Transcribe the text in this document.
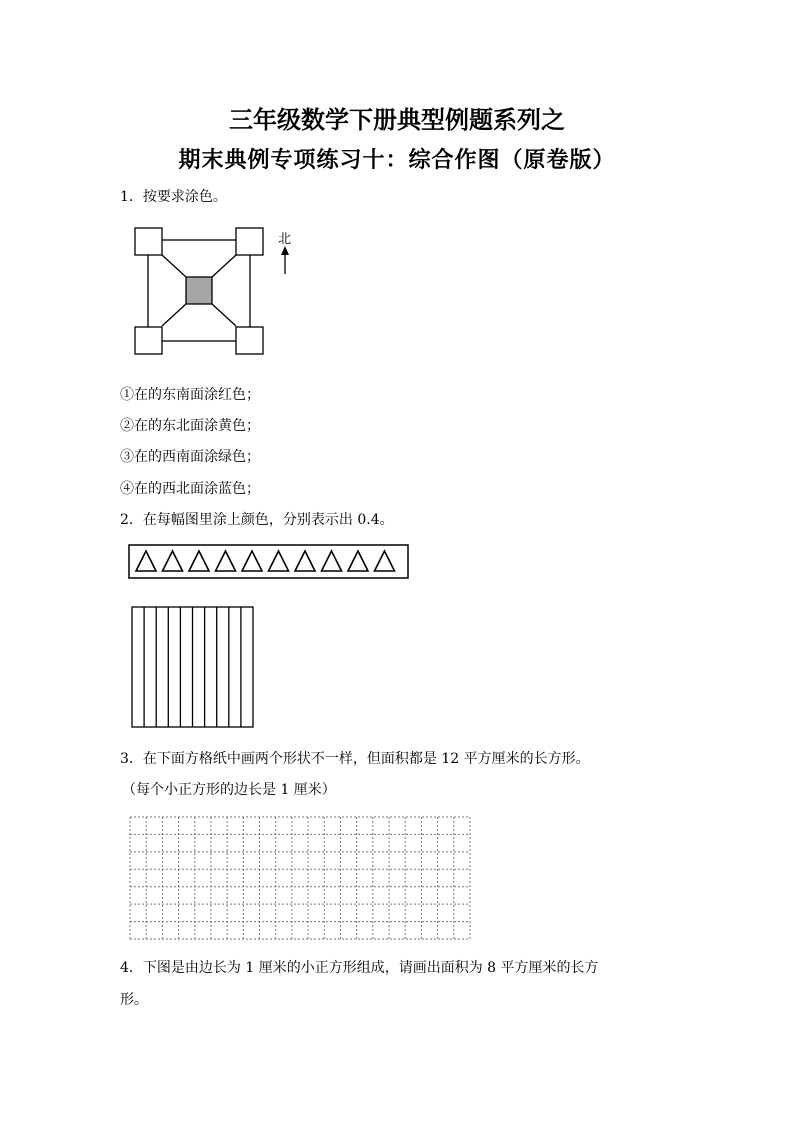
三年级数学下册典型例题系列之
期末典例专项练习十：综合作图（原卷版）
1．按要求涂色。
北
①在的东南面涂红色；
②在的东北面涂黄色；
③在的西南面涂绿色；
④在的西北面涂蓝色；
2．在每幅图里涂上颜色，分别表示出 0.4。
3．在下面方格纸中画两个形状不一样，但面积都是 12 平方厘米的长方形。
（每个小正方形的边长是 1 厘米）
4．下图是由边长为 1 厘米的小正方形组成，请画出面积为 8 平方厘米的长方
形。
